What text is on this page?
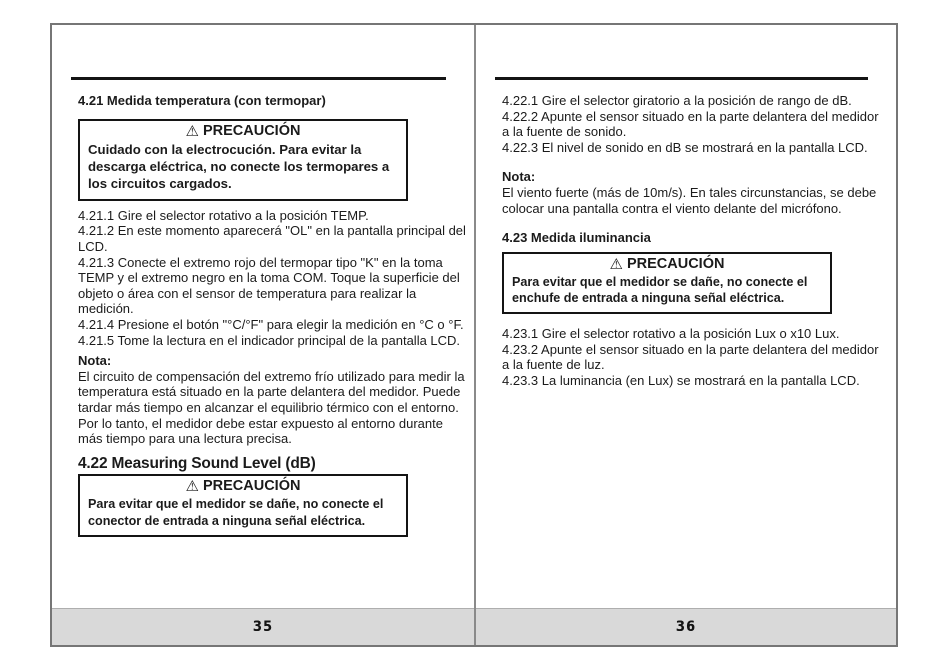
4.21 Medida temperatura (con termopar)
⚠ PRECAUCIÓN
Cuidado con la electrocución. Para evitar la descarga eléctrica, no conecte los termopares a los circuitos cargados.
4.21.1 Gire el selector rotativo a la posición TEMP.
4.21.2 En este momento aparecerá "OL" en la pantalla principal del LCD.
4.21.3 Conecte el extremo rojo del termopar tipo "K" en la toma TEMP y el extremo negro en la toma COM. Toque la superficie del objeto o área con el sensor de temperatura para realizar la medición.
4.21.4 Presione el botón "°C/°F" para elegir la medición en °C o °F.
4.21.5 Tome la lectura en el indicador principal de la pantalla LCD.
Nota:
El circuito de compensación del extremo frío utilizado para medir la temperatura está situado en la parte delantera del medidor. Puede tardar más tiempo en alcanzar el equilibrio térmico con el entorno. Por lo tanto, el medidor debe estar expuesto al entorno durante más tiempo para una lectura precisa.
4.22 Measuring Sound Level (dB)
⚠ PRECAUCIÓN
Para evitar que el medidor se dañe, no conecte el conector de entrada a ninguna señal eléctrica.
35
4.22.1 Gire el selector giratorio a la posición de rango de dB.
4.22.2 Apunte el sensor situado en la parte delantera del medidor a la fuente de sonido.
4.22.3 El nivel de sonido en dB se mostrará en la pantalla LCD.
Nota:
El viento fuerte (más de 10m/s). En tales circunstancias, se debe colocar una pantalla contra el viento delante del micrófono.
4.23 Medida iluminancia
⚠ PRECAUCIÓN
Para evitar que el medidor se dañe, no conecte el enchufe de entrada a ninguna señal eléctrica.
4.23.1 Gire el selector rotativo a la posición Lux o x10 Lux.
4.23.2 Apunte el sensor situado en la parte delantera del medidor a la fuente de luz.
4.23.3 La luminancia (en Lux) se mostrará en la pantalla LCD.
36
